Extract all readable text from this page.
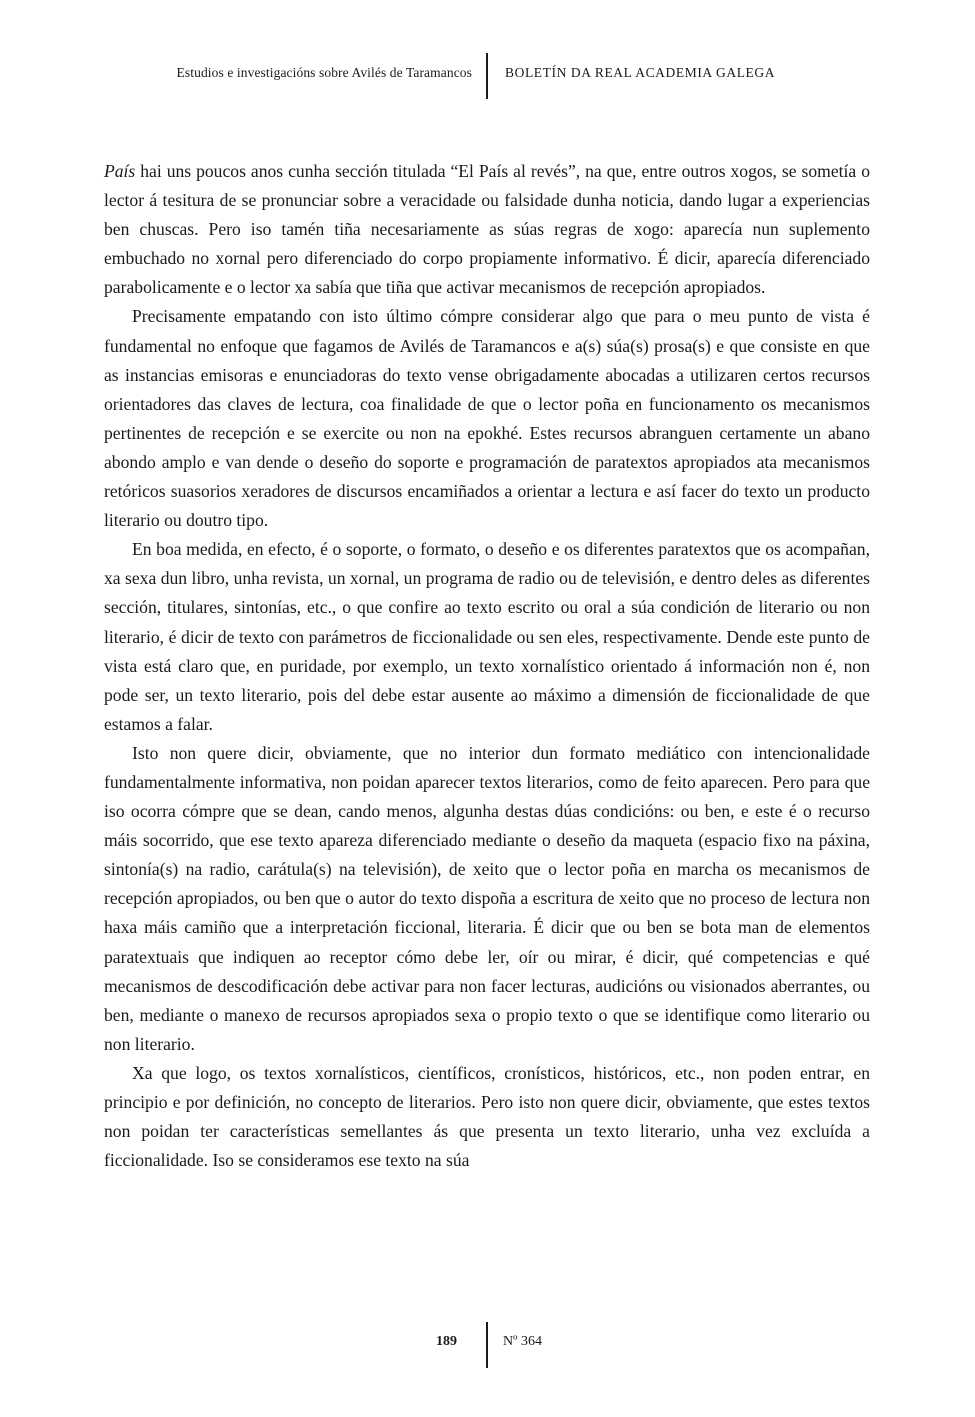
Estudios e investigacións sobre Avilés de Taramancos BOLETÍN DA REAL ACADEMIA GALEGA

País hai uns poucos anos cunha sección titulada “El País al revés”, na que, entre outros xogos, se sometía o lector á tesitura de se pronunciar sobre a veracidade ou falsidade dunha noticia, dando lugar a experiencias ben chuscas. Pero iso tamén tiña necesariamente as súas regras de xogo: aparecía nun suplemento embuchado no xornal pero diferenciado do corpo propiamente informativo. É dicir, aparecía diferenciado parabolicamente e o lector xa sabía que tiña que activar mecanismos de recepción apropiados.

Precisamente empatando con isto último cómpre considerar algo que para o meu punto de vista é fundamental no enfoque que fagamos de Avilés de Taramancos e a(s) súa(s) prosa(s) e que consiste en que as instancias emisoras e enunciadoras do texto vense obrigadamente abocadas a utilizaren certos recursos orientadores das claves de lectura, coa finalidade de que o lector poña en funcionamento os mecanismos pertinentes de recepción e se exercite ou non na epokhé. Estes recursos abranguen certamente un abano abondo amplo e van dende o deseño do soporte e programación de paratextos apropiados ata mecanismos retóricos suasorios xeradores de discursos encamiñados a orientar a lectura e así facer do texto un producto literario ou doutro tipo.

En boa medida, en efecto, é o soporte, o formato, o deseño e os diferentes paratextos que os acompañan, xa sexa dun libro, unha revista, un xornal, un programa de radio ou de televisión, e dentro deles as diferentes sección, titulares, sintonías, etc., o que confire ao texto escrito ou oral a súa condición de literario ou non literario, é dicir de texto con parámetros de ficcionalidade ou sen eles, respectivamente. Dende este punto de vista está claro que, en puridade, por exemplo, un texto xornalístico orientado á información non é, non pode ser, un texto literario, pois del debe estar ausente ao máximo a dimensión de ficcionalidade de que estamos a falar.

Isto non quere dicir, obviamente, que no interior dun formato mediático con intencionalidade fundamentalmente informativa, non poidan aparecer textos literarios, como de feito aparecen. Pero para que iso ocorra cómpre que se dean, cando menos, algunha destas dúas condicións: ou ben, e este é o recurso máis socorrido, que ese texto apareza diferenciado mediante o deseño da maqueta (espacio fixo na páxina, sintonía(s) na radio, carátula(s) na televisión), de xeito que o lector poña en marcha os mecanismos de recepción apropiados, ou ben que o autor do texto dispoña a escritura de xeito que no proceso de lectura non haxa máis camiño que a interpretación ficcional, literaria. É dicir que ou ben se bota man de elementos paratextuais que indiquen ao receptor cómo debe ler, oír ou mirar, é dicir, qué competencias e qué mecanismos de descodificación debe activar para non facer lecturas, audicións ou visionados aberrantes, ou ben, mediante o manexo de recursos apropiados sexa o propio texto o que se identifique como literario ou non literario.

Xa que logo, os textos xornalísticos, científicos, cronísticos, históricos, etc., non poden entrar, en principio e por definición, no concepto de literarios. Pero isto non quere dicir, obviamente, que estes textos non poidan ter características semellantes ás que presenta un texto literario, unha vez excluída a ficcionalidade. Iso se consideramos ese texto na súa

189	Nº 364
